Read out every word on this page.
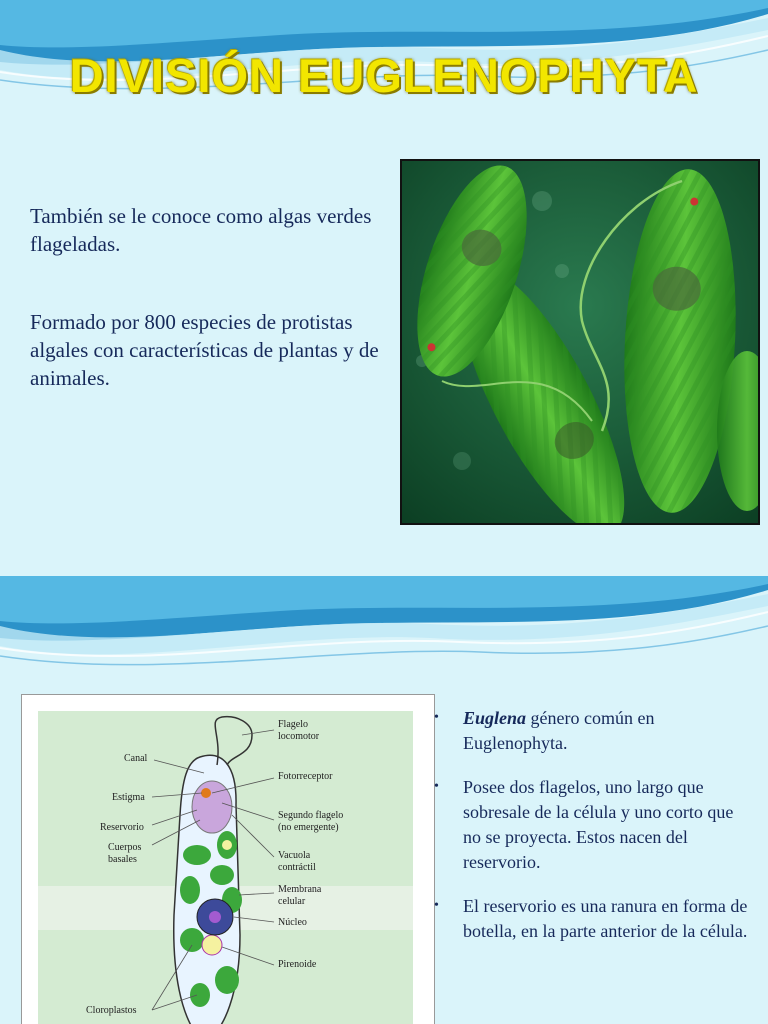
DIVISIÓN EUGLENOPHYTA
También se le conoce como algas verdes flageladas.
Formado por 800 especies de protistas algales con características de plantas y de animales.
Flagelo
locomotor
Canal
Fotorreceptor
Estigma
Segundo flagelo
(no emergente)
Reservorio
Cuerpos
basales	Vacuola
contráctil
Membrana
celular
Núcleo
Pirenoide
Cloroplastos
• Euglena género común en Euglenophyta.
• Posee dos flagelos, uno largo que sobresale de la célula y uno corto que no se proyecta. Estos nacen del reservorio.
• El reservorio es una ranura en forma de botella, en la parte anterior de la célula.
